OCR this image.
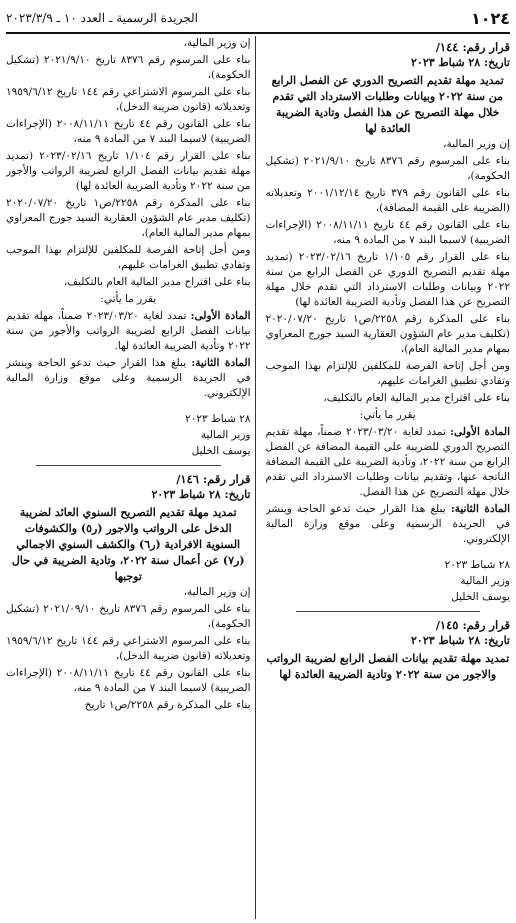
١٠٢٤
الجريدة الرسمية ـ العدد ١٠ ـ ٢٠٢٣/٣/٩

قرار رقم: ١٤٤/

تاريخ: ٢٨ شباط ٢٠٢٣

تمديد مهلة تقديم التصريح الدوري عن الفصل الرابع من سنة ٢٠٢٢ وبيانات وطلبات الاسترداد التي تقدم خلال مهلة التصريح عن هذا الفصل وتادية الضريبة العائدة لها

إن وزير المالية،

بناء على المرسوم رقم ٨٣٧٦ تاريخ ٢٠٢١/٩/١٠ (تشكيل الحكومة)،

بناء على القانون رقم ٣٧٩ تاريخ ٢٠٠١/١٢/١٤ وتعديلاته (الضريبة على القيمة المضافة)،

بناء على القانون رقم ٤٤ تاريخ ٢٠٠٨/١١/١١ (الإجراءات الضريبية) لاسيما البند ٧ من المادة ٩ منه،

بناء على القرار رقم ١/١٠٥ تاريخ ٢٠٢٣/٠٢/١٦ (تمديد مهلة تقديم التصريح الدوري عن الفصل الرابع من سنة ٢٠٢٢ وبيانات وطلبات الاسترداد التي تقدم خلال مهلة التصريح عن هذا الفصل وتأدية الضريبة العائدة لها)

بناء على المذكرة رقم ٢٢٥٨/ص١ تاريخ ٢٠٢٠/٠٧/٢٠ (تكليف مدير عام الشؤون العقارية السيد جورج المعراوي بمهام مدير المالية العام)،

ومن أجل إتاحة الفرصة للمكلفين للإلتزام بهذا الموجب وتفادي تطبيق الغرامات عليهم،

بناء على اقتراح مدير المالية العام بالتكليف،

يقرر ما يأتي:

المادة الأولى: تمدد لغاية ٢٠٢٣/٠٣/٢٠ ضمناً، مهلة تقديم التصريح الدوري للضريبة على القيمة المضافة عن الفصل الرابع من سنة ٢٠٢٢، وتأدية الضريبة على القيمة المضافة الناتجة عنها، وتقديم بيانات وطلبات الاسترداد التي تقدم خلال مهلة التصريح عن هذا الفصل.

المادة الثانية: يبلغ هذا القرار حيث تدعو الحاجة وينشر في الجريدة الرسمية وعلى موقع وزارة المالية الإلكتروني.

٢٨ شباط ٢٠٢٣

وزير المالية

يوسف الخليل

قرار رقم: ١٤٥/

تاريخ: ٢٨ شباط ٢٠٢٣

تمديد مهلة تقديم بيانات الفصل الرابع لضريبة الرواتب والاجور من سنة ٢٠٢٢ وتادية الضريبة العائدة لها

إن وزير المالية،

بناء على المرسوم رقم ٨٣٧٦ تاريخ ٢٠٢١/٩/١٠ (تشكيل الحكومة)،

بناء على المرسوم الاشتراعي رقم ١٤٤ تاريخ ١٩٥٩/٦/١٢ وتعديلاته (قانون ضريبة الدخل)،

بناء على القانون رقم ٤٤ تاريخ ٢٠٠٨/١١/١١ (الإجراءات الضريبية) لاسيما البند ٧ من المادة ٩ منه،

بناء على القرار رقم ١/١٠٤ تاريخ ٢٠٢٣/٠٢/١٦ (تمديد مهلة تقديم بيانات الفصل الرابع لضريبة الرواتب والأجور من سنة ٢٠٢٢ وتأدية الضريبة العائدة لها)

بناء على المذكرة رقم ٢٢٥٨/ص١ تاريخ ٢٠٢٠/٠٧/٢٠ (تكليف مدير عام الشؤون العقارية السيد جورج المعراوي بمهام مدير المالية العام)،

ومن أجل إتاحة الفرصة للمكلفين للإلتزام بهذا الموجب وتفادي تطبيق الغرامات عليهم،

بناء على اقتراح مدير المالية العام بالتكليف،

يقرر ما يأتي:

المادة الأولى: تمدد لغاية ٢٠٢٣/٠٣/٢٠ ضمناً، مهلة تقديم بيانات الفصل الرابع لضريبة الرواتب والأجور من سنة ٢٠٢٢ وتأدية الضريبة العائدة لها.

المادة الثانية: يبلغ هذا القرار حيث تدعو الحاجة وينشر في الجريدة الرسمية وعلى موقع وزارة المالية الإلكتروني.

٢٨ شباط ٢٠٢٣

وزير المالية

يوسف الخليل

قرار رقم: ١٤٦/

تاريخ: ٢٨ شباط ٢٠٢٣

تمديد مهلة تقديم التصريح السنوي العائد لضريبة الدخل على الرواتب والاجور (ر٥) والكشوفات السنوية الافرادية (ر٦) والكشف السنوي الاجمالي (ر٧) عن أعمال سنة ٢٠٢٢، وتادية الضريبة في حال توجبها

إن وزير المالية،

بناء على المرسوم رقم ٨٣٧٦ تاريخ ٢٠٢١/٠٩/١٠ (تشكيل الحكومة)،

بناء على المرسوم الاشتراعي رقم ١٤٤ تاريخ ١٩٥٩/٦/١٢ وتعديلاته (قانون ضريبة الدخل)،

بناء على القانون رقم ٤٤ تاريخ ٢٠٠٨/١١/١١ (الإجراءات الضريبية) لاسيما البند ٧ من المادة ٩ منه،

بناء على المذكرة رقم ٢٢٥٨/ص١ تاريخ
